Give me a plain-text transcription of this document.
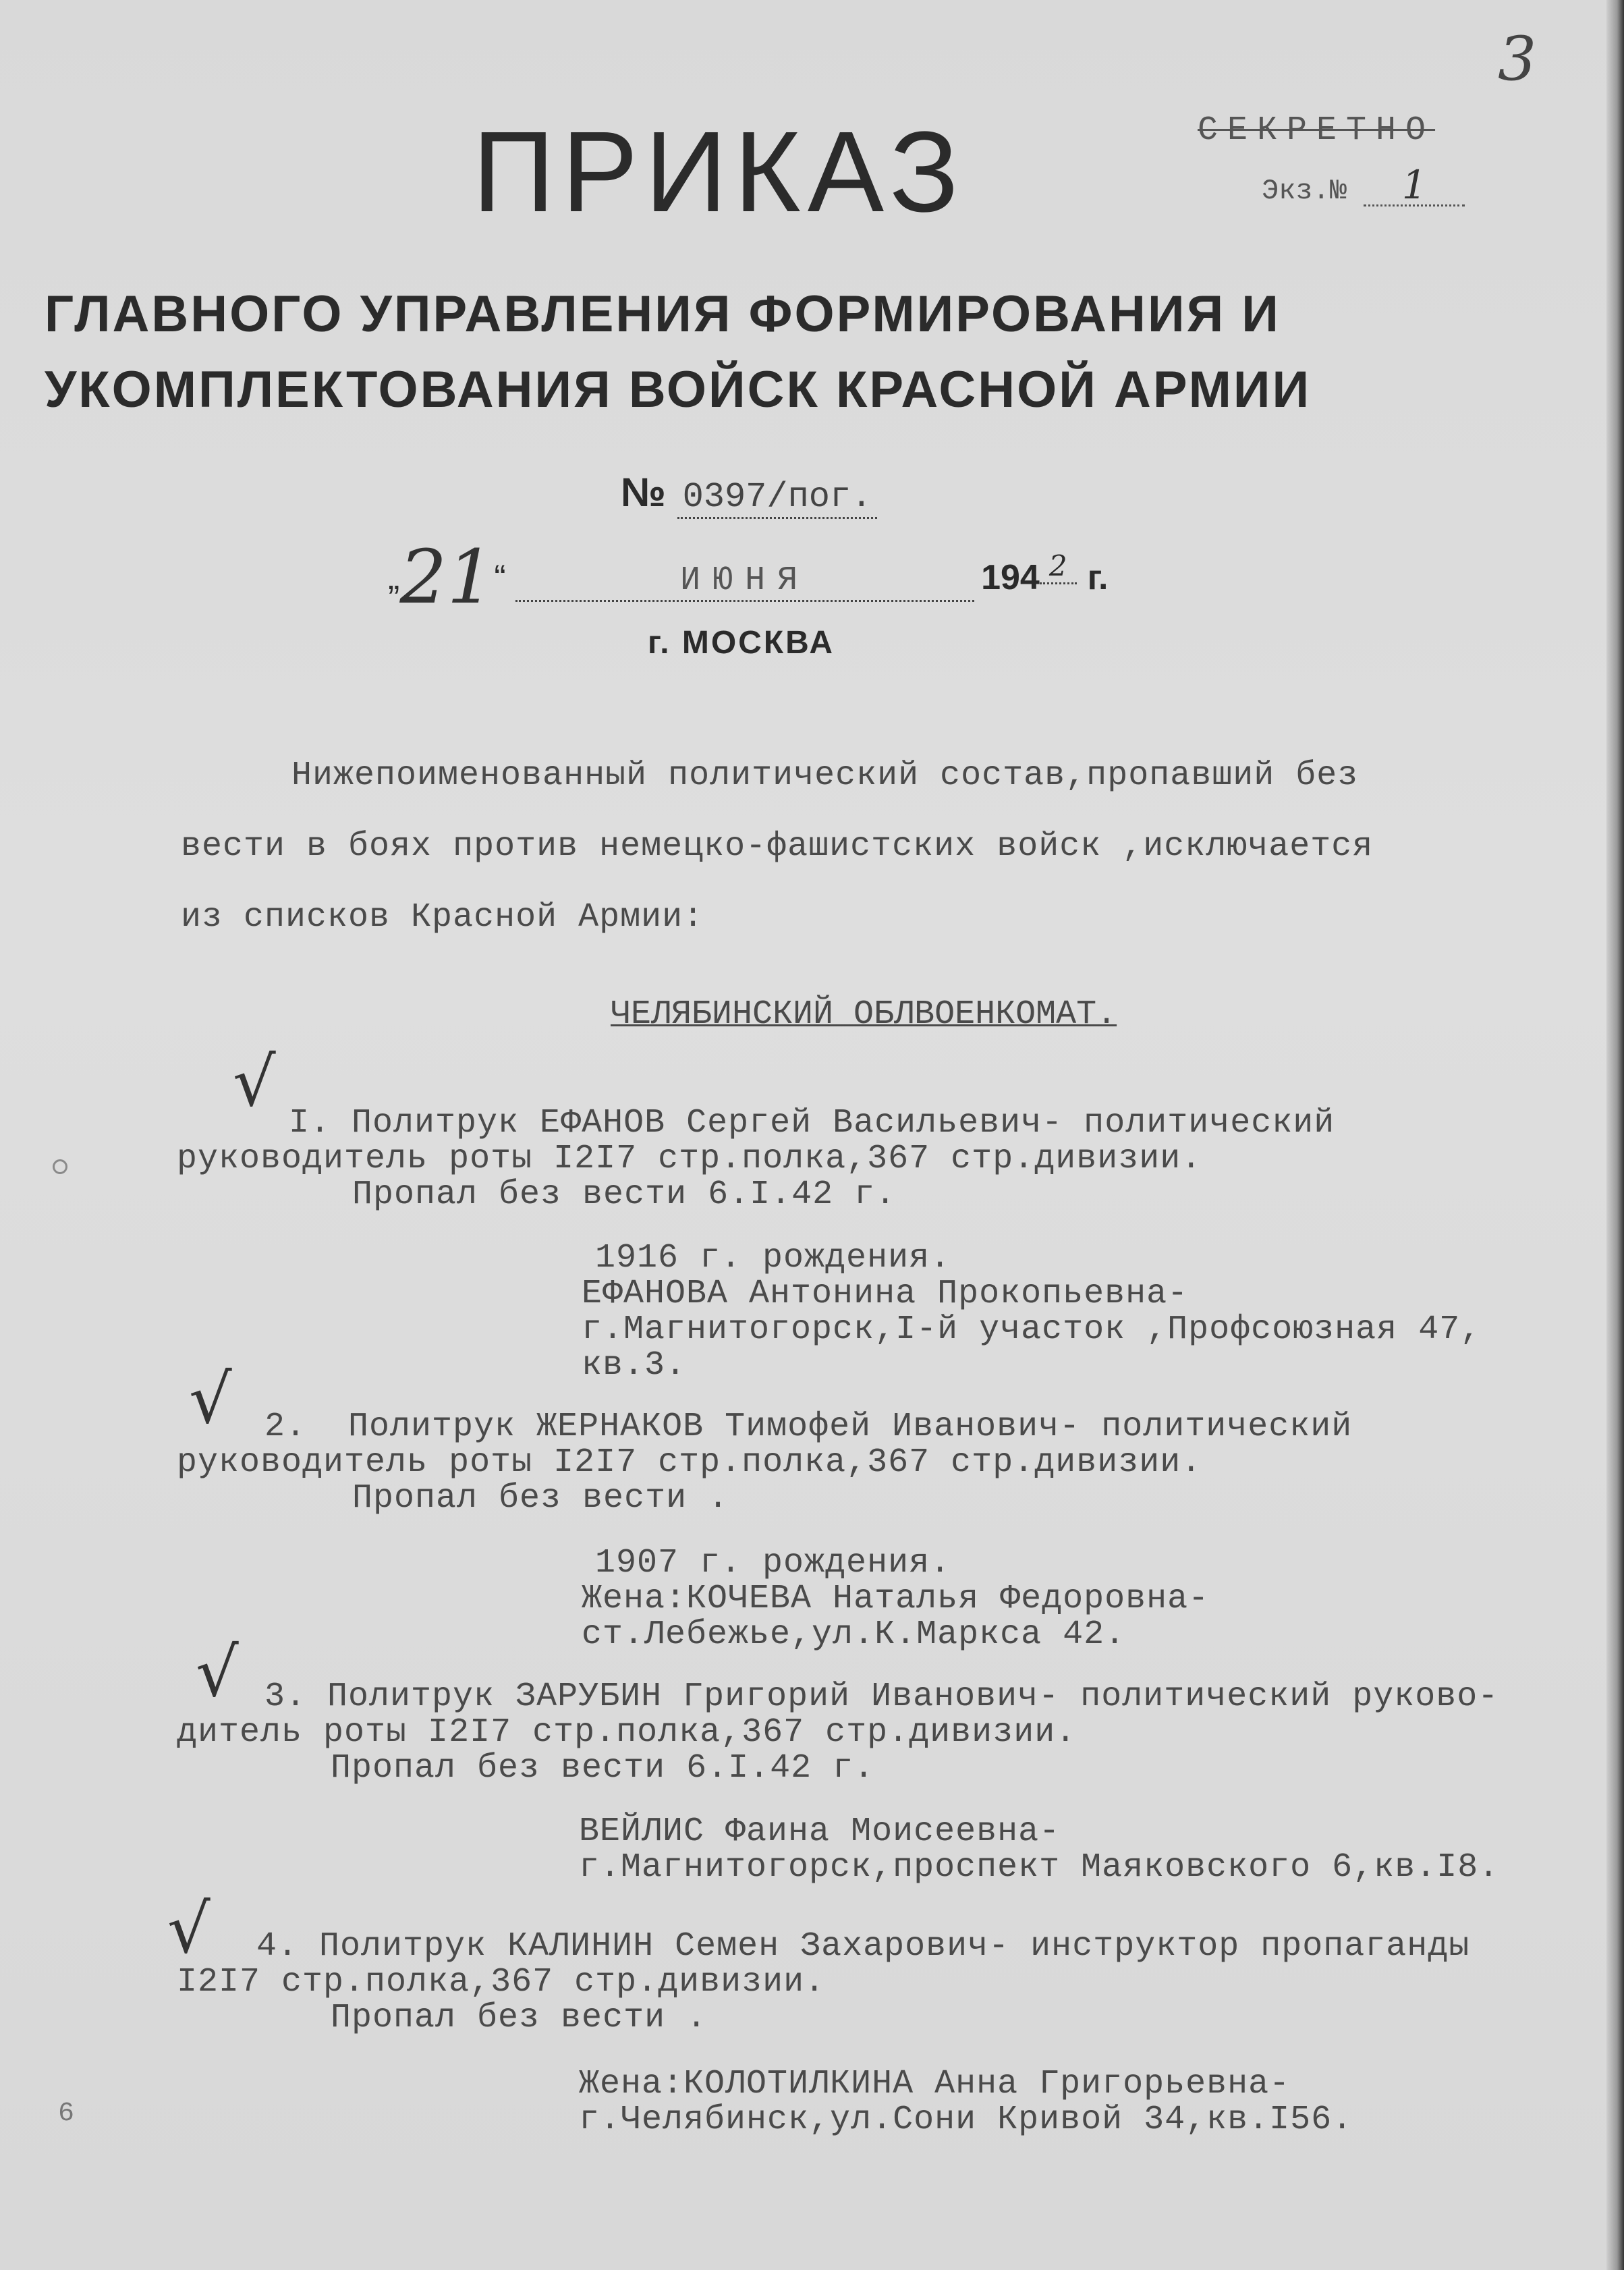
3
СЕКРЕТНО
Экз.№ 1
ПРИКАЗ
ГЛАВНОГО УПРАВЛЕНИЯ ФОРМИРОВАНИЯ И
УКОМПЛЕКТОВАНИЯ ВОЙСК КРАСНОЙ АРМИИ
№ 0397/пог.
„21“	ИЮНЯ	194 $^2$ г.
г. МОСКВА
Нижепоименованный политический состав,пропавший без
вести в боях против немецко-фашистских войск ,исключается
из списков Красной Армии:
ЧЕЛЯБИНСКИЙ ОБЛВОЕНКОМАТ.
√
I. Политрук ЕФАНОВ Сергей Васильевич- политический
руководитель роты I2I7 стр.полка,367 стр.дивизии.
Пропал без вести 6.I.42 г.
1916 г. рождения.
ЕФАНОВА Антонина Прокопьевна-
г.Магнитогорск,I-й участок ,Профсоюзная 47,
кв.3.
√ 2.  Политрук ЖЕРНАКОВ Тимофей Иванович- политический
руководитель роты I2I7 стр.полка,367 стр.дивизии.
Пропал без вести .
1907 г. рождения.
Жена:КОЧЕВА Наталья Федоровна-
ст.Лебежье,ул.К.Маркса 42.
√ 3. Политрук ЗАРУБИН Григорий Иванович- политический руково-
дитель роты I2I7 стр.полка,367 стр.дивизии.
Пропал без вести 6.I.42 г.
ВЕЙЛИС Фаина Моисеевна-
г.Магнитогорск,проспект Маяковского 6,кв.I8.
√ 4. Политрук КАЛИНИН Семен Захарович- инструктор пропаганды
I2I7 стр.полка,367 стр.дивизии.
Пропал без вести .
Жена:КОЛОТИЛКИНА Анна Григорьевна-
г.Челябинск,ул.Сони Кривой 34,кв.I56.
6
